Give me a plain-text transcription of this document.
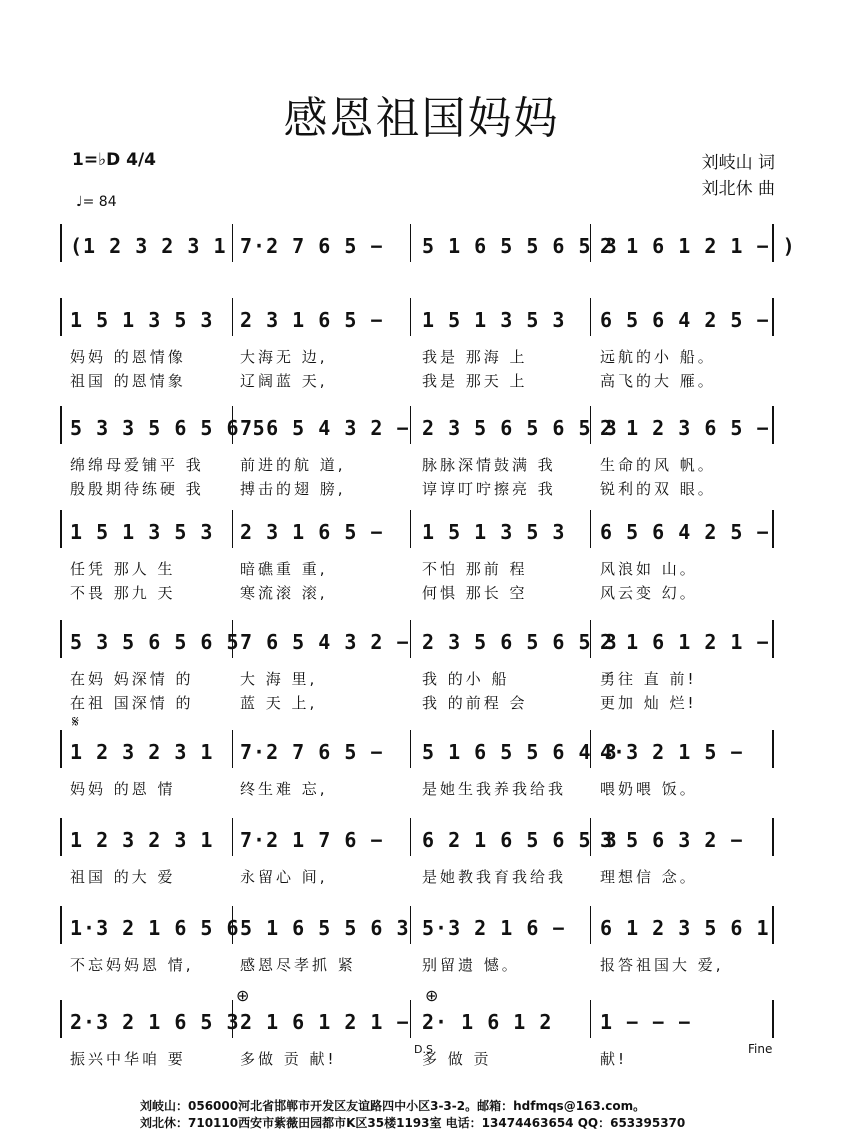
感恩祖国妈妈
1=♭D 4/4
♩= 84
刘岐山 词
刘北休 曲
(1 2 3 2 3 1 7·2 7 6 5 − 5 1 6 5 5 6 5 3
2 1 6 1 2 1 − )
1 5 1 3 5 3 2 3 1 6 5 − 1 5 1 3 5 3 6 5 6 4 2 5 −
妈妈 的恩情像	大海无 边,	我是 那海 上	远航的小 船。
祖国 的恩情象	辽阔蓝 天,	我是 那天 上	高飞的大 雁。
5 3 3 5 6 5 6 5
7 6 5 4 3 2 − 2 3 5 6 5 6 5 3
2 1 2 3 6 5 −
绵绵母爱铺平 我 前进的航 道,	脉脉深情鼓满 我	生命的风 帆。
殷殷期待练硬 我 搏击的翅 膀,	谆谆叮咛擦亮 我	锐利的双 眼。
1 5 1 3 5 3 2 3 1 6 5 − 1 5 1 3 5 3 6 5 6 4 2 5 −
任凭 那人 生	暗礁重 重,	不怕 那前 程	风浪如 山。
不畏 那九 天	寒流滚 滚,	何惧 那长 空	风云变 幻。
5 3 5 6 5 6 5 7 6 5 4 3 2 − 2 3 5 6 5 6 5 3
2 1 6 1 2 1 −
在妈 妈深情 的	大 海 里,	我 的小 船	勇往 直 前!
在祖 国深情 的	蓝 天 上,	我 的前程 会	更加 灿 烂!
1 2 3 2 3 1 7·2 7 6 5 − 5 1 6 5 5 6 4 3
4·3 2 1 5 −
妈妈 的恩 情	终生难 忘,	是她生我养我给我 喂奶喂 饭。
1 2 3 2 3 1 7·2 1 7 6 − 6 2 1 6 5 6 5 3
3 5 6 3 2 −
祖国 的大 爱	永留心 间,	是她教我育我给我 理想信 念。
1·3 2 1 6 5 6 5 1 6 5 5 6 3 5·3 2 1 6 − 6 1 2 3 5 6 1
不忘妈妈恩 情,	感恩尽孝抓 紧	别留遗 憾。	报答祖国大 爱,
2·3 2 1 6 5 3 2 1 6 1 2 1 − 2· 1 6 1 2 1 − − −
振兴中华咱 要	多做 贡 献!	多 做 贡	献!
𝄋
⊕	⊕
D.S.	Fine
刘岐山：056000河北省邯郸市开发区友谊路四中小区3-3-2。邮箱：hdfmqs@163.com。
刘北休：710110西安市紫薇田园都市K区35楼1193室 电话：13474463654 QQ：653395370
